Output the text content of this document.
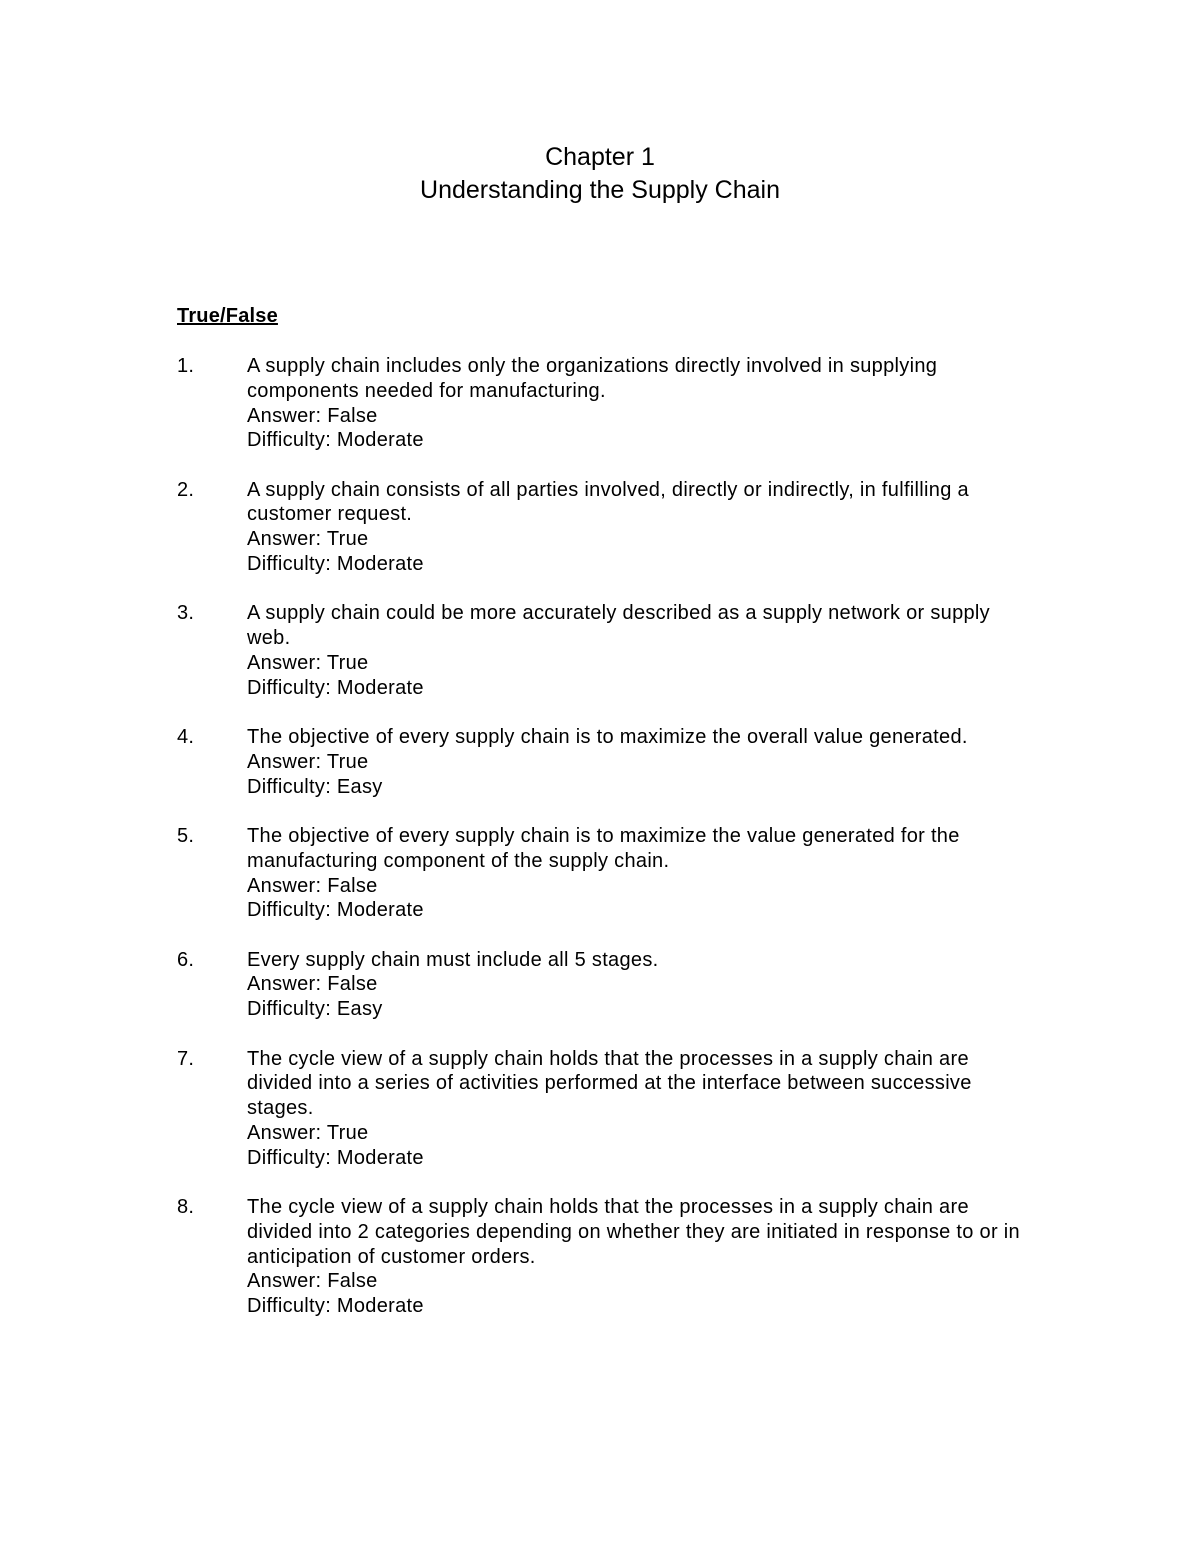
Chapter 1
Understanding the Supply Chain
True/False
1.	A supply chain includes only the organizations directly involved in supplying components needed for manufacturing.
Answer: False
Difficulty: Moderate
2.	A supply chain consists of all parties involved, directly or indirectly, in fulfilling a customer request.
Answer: True
Difficulty: Moderate
3.	A supply chain could be more accurately described as a supply network or supply web.
Answer: True
Difficulty: Moderate
4.	The objective of every supply chain is to maximize the overall value generated.
Answer: True
Difficulty: Easy
5.	The objective of every supply chain is to maximize the value generated for the manufacturing component of the supply chain.
Answer: False
Difficulty: Moderate
6.	Every supply chain must include all 5 stages.
Answer: False
Difficulty: Easy
7.	The cycle view of a supply chain holds that the processes in a supply chain are divided into a series of activities performed at the interface between successive stages.
Answer: True
Difficulty: Moderate
8.	The cycle view of a supply chain holds that the processes in a supply chain are divided into 2 categories depending on whether they are initiated in response to or in anticipation of customer orders.
Answer: False
Difficulty: Moderate
